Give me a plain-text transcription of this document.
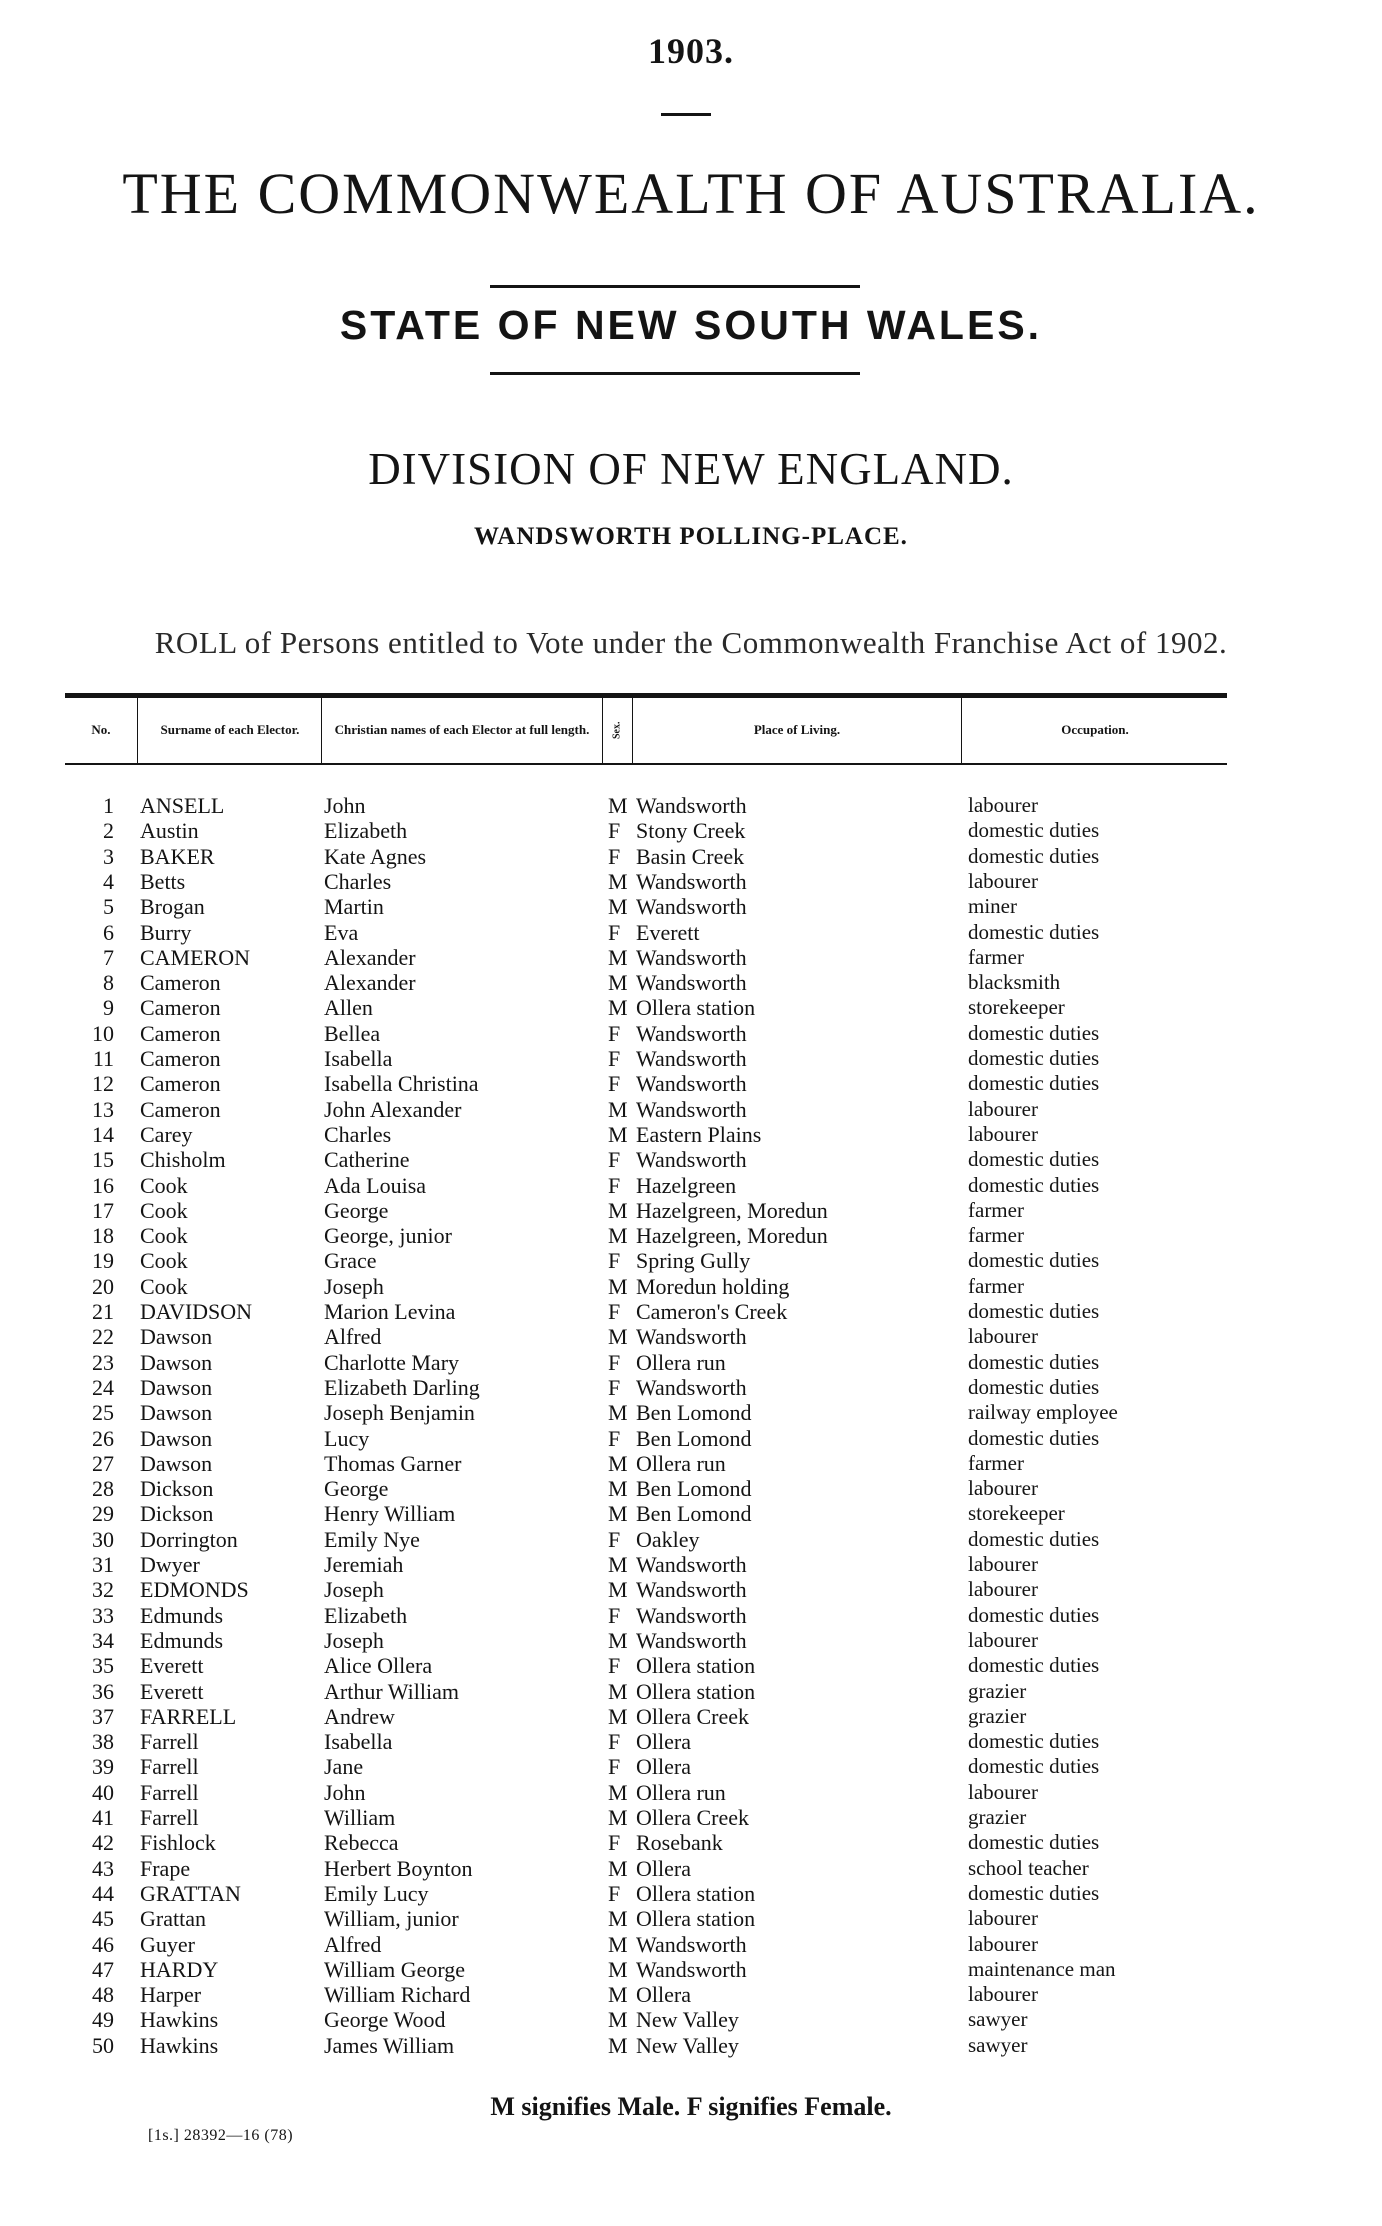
1903.
THE COMMONWEALTH OF AUSTRALIA.
STATE OF NEW SOUTH WALES.
DIVISION OF NEW ENGLAND.
WANDSWORTH POLLING-PLACE.
ROLL of Persons entitled to Vote under the Commonwealth Franchise Act of 1902.
No.	Surname of each Elector.	Christian names of each Elector at full length.	Sex.	Place of Living.	Occupation.
1 ANSELL	John	M Wandsworth	labourer
2 Austin	Elizabeth	F Stony Creek	domestic duties
3 BAKER	Kate Agnes	F Basin Creek	domestic duties
4 Betts	Charles	M Wandsworth	labourer
5 Brogan	Martin	M Wandsworth	miner
6 Burry	Eva	F Everett	domestic duties
7 CAMERON	Alexander	M Wandsworth	farmer
8 Cameron	Alexander	M Wandsworth	blacksmith
9 Cameron	Allen	M Ollera station	storekeeper
10 Cameron	Bellea	F Wandsworth	domestic duties
11 Cameron	Isabella	F Wandsworth	domestic duties
12 Cameron	Isabella Christina	F Wandsworth	domestic duties
13 Cameron	John Alexander	M Wandsworth	labourer
14 Carey	Charles	M Eastern Plains	labourer
15 Chisholm	Catherine	F Wandsworth	domestic duties
16 Cook	Ada Louisa	F Hazelgreen	domestic duties
17 Cook	George	M Hazelgreen, Moredun	farmer
18 Cook	George, junior	M Hazelgreen, Moredun	farmer
19 Cook	Grace	F Spring Gully	domestic duties
20 Cook	Joseph	M Moredun holding	farmer
21 DAVIDSON	Marion Levina	F Cameron's Creek	domestic duties
22 Dawson	Alfred	M Wandsworth	labourer
23 Dawson	Charlotte Mary	F Ollera run	domestic duties
24 Dawson	Elizabeth Darling	F Wandsworth	domestic duties
25 Dawson	Joseph Benjamin	M Ben Lomond	railway employee
26 Dawson	Lucy	F Ben Lomond	domestic duties
27 Dawson	Thomas Garner	M Ollera run	farmer
28 Dickson	George	M Ben Lomond	labourer
29 Dickson	Henry William	M Ben Lomond	storekeeper
30 Dorrington	Emily Nye	F Oakley	domestic duties
31 Dwyer	Jeremiah	M Wandsworth	labourer
32 EDMONDS	Joseph	M Wandsworth	labourer
33 Edmunds	Elizabeth	F Wandsworth	domestic duties
34 Edmunds	Joseph	M Wandsworth	labourer
35 Everett	Alice Ollera	F Ollera station	domestic duties
36 Everett	Arthur William	M Ollera station	grazier
37 FARRELL	Andrew	M Ollera Creek	grazier
38 Farrell	Isabella	F Ollera	domestic duties
39 Farrell	Jane	F Ollera	domestic duties
40 Farrell	John	M Ollera run	labourer
41 Farrell	William	M Ollera Creek	grazier
42 Fishlock	Rebecca	F Rosebank	domestic duties
43 Frape	Herbert Boynton	M Ollera	school teacher
44 GRATTAN	Emily Lucy	F Ollera station	domestic duties
45 Grattan	William, junior	M Ollera station	labourer
46 Guyer	Alfred	M Wandsworth	labourer
47 HARDY	William George	M Wandsworth	maintenance man
48 Harper	William Richard	M Ollera	labourer
49 Hawkins	George Wood	M New Valley	sawyer
50 Hawkins	James William	M New Valley	sawyer
M signifies Male. F signifies Female.
[1s.] 28392—16 (78)
